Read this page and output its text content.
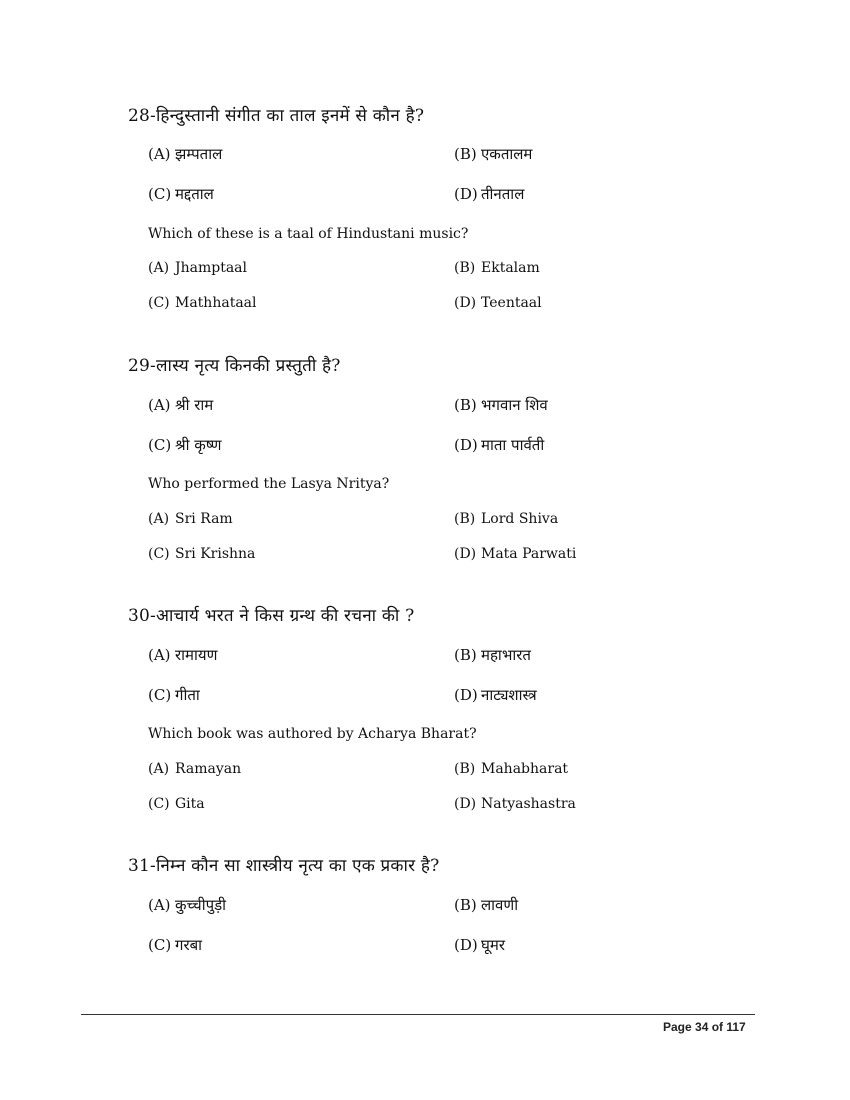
28-हिन्दुस्तानी संगीत का ताल इनमें से कौन है?
(A) झम्पताल	(B) एकतालम
(C) मद्दताल	(D) तीनताल
Which of these is a taal of Hindustani music?
(A) Jhamptaal	(B) Ektalam
(C) Mathhataal	(D) Teentaal
29-लास्य नृत्य किनकी प्रस्तुती है?
(A) श्री राम	(B) भगवान शिव
(C) श्री कृष्ण	(D) माता पार्वती
Who performed the Lasya Nritya?
(A) Sri Ram	(B) Lord Shiva
(C) Sri Krishna	(D) Mata Parwati
30-आचार्य भरत ने किस ग्रन्थ की रचना की ?
(A) रामायण	(B) महाभारत
(C) गीता	(D) नाट्यशास्त्र
Which book was authored by Acharya Bharat?
(A) Ramayan	(B) Mahabharat
(C) Gita	(D) Natyashastra
31-निम्न कौन सा शास्त्रीय नृत्य का एक प्रकार है?
(A) कुच्चीपुड़ी	(B) लावणी
(C) गरबा	(D) घूमर
Page 34 of 117
